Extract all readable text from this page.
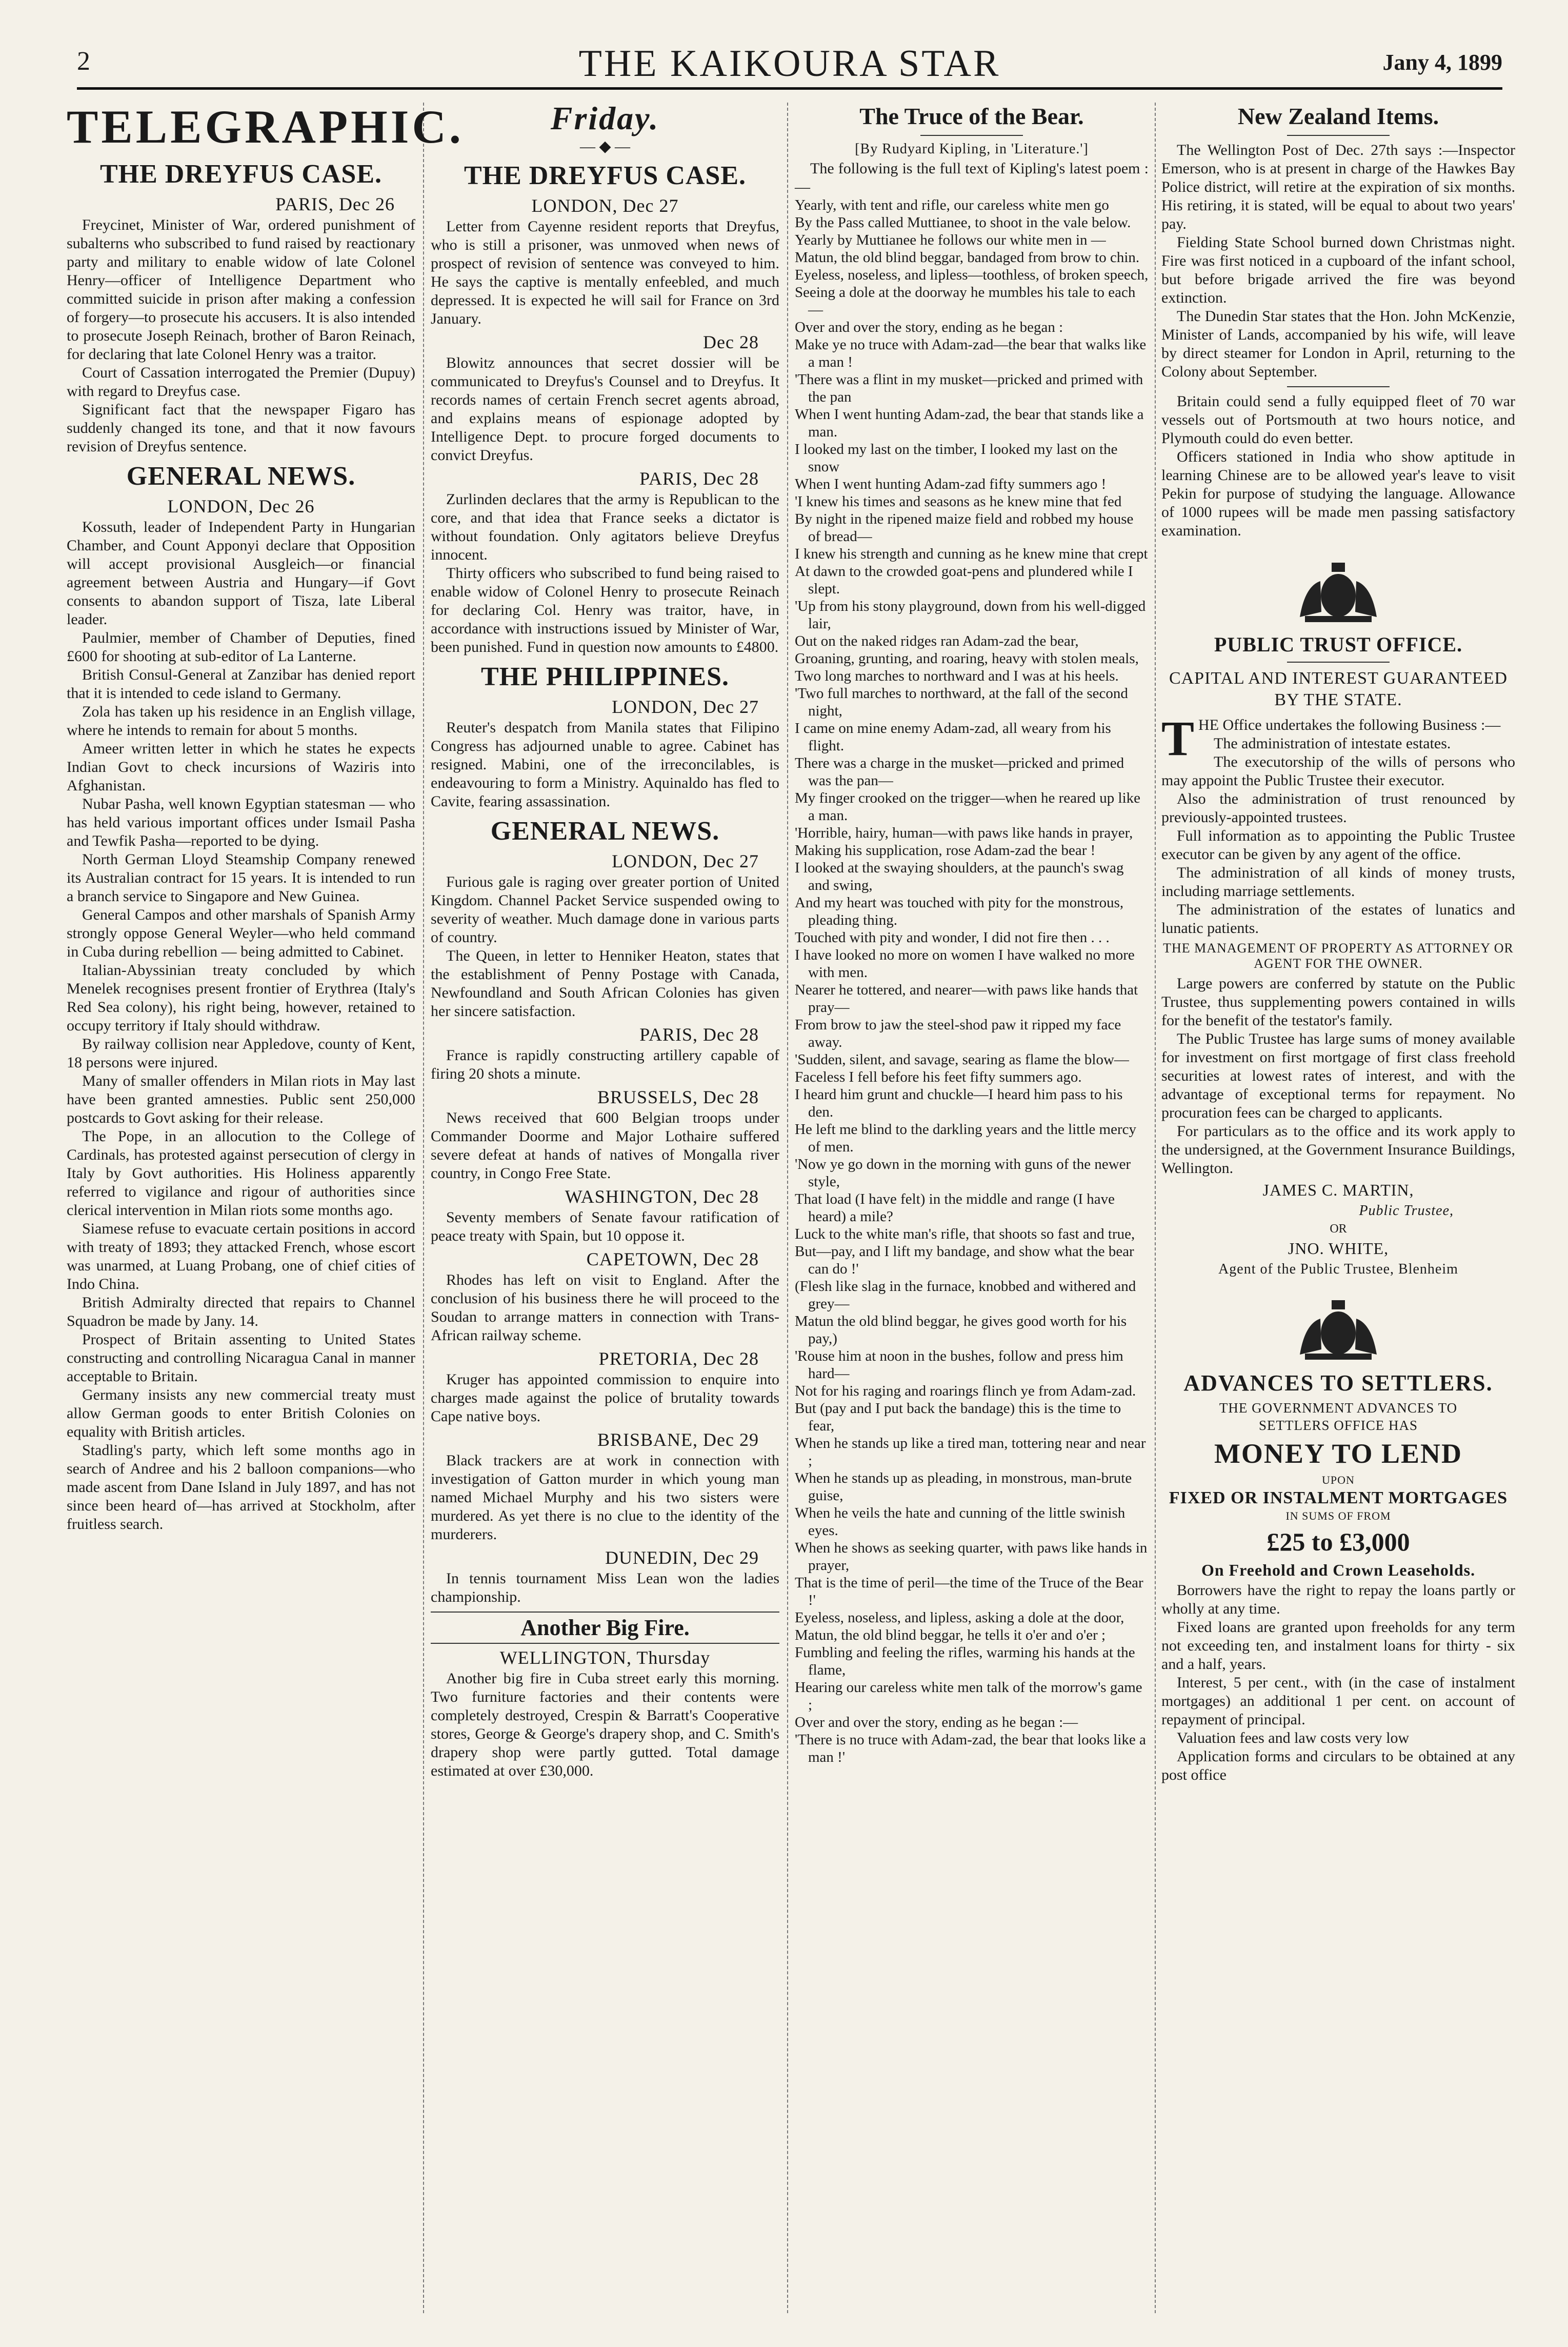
2	THE KAIKOURA STAR	Jany 4, 1899
TELEGRAPHIC.
THE DREYFUS CASE.
PARIS, Dec 26

Freycinet, Minister of War, ordered punishment of subalterns who subscribed to fund raised by reactionary party and military to enable widow of late Colonel Henry—officer of Intelligence Department who committed suicide in prison after making a confession of forgery—to prosecute his accusers. It is also intended to prosecute Joseph Reinach, brother of Baron Reinach, for declaring that late Colonel Henry was a traitor.

Court of Cassation interrogated the Premier (Dupuy) with regard to Dreyfus case.

Significant fact that the newspaper Figaro has suddenly changed its tone, and that it now favours revision of Dreyfus sentence.

GENERAL NEWS.
LONDON, Dec 26

Kossuth, leader of Independent Party in Hungarian Chamber, and Count Apponyi declare that Opposition will accept provisional Ausgleich—or financial agreement between Austria and Hungary—if Govt consents to abandon support of Tisza, late Liberal leader.

Paulmier, member of Chamber of Deputies, fined £600 for shooting at sub-editor of La Lanterne.

British Consul-General at Zanzibar has denied report that it is intended to cede island to Germany.

Zola has taken up his residence in an English village, where he intends to remain for about 5 months.

Ameer written letter in which he states he expects Indian Govt to check incursions of Waziris into Afghanistan.

Nubar Pasha, well known Egyptian statesman — who has held various important offices under Ismail Pasha and Tewfik Pasha—reported to be dying.

North German Lloyd Steamship Company renewed its Australian contract for 15 years. It is intended to run a branch service to Singapore and New Guinea.

General Campos and other marshals of Spanish Army strongly oppose General Weyler—who held command in Cuba during rebellion — being admitted to Cabinet.

Italian-Abyssinian treaty concluded by which Menelek recognises present frontier of Erythrea (Italy's Red Sea colony), his right being, however, retained to occupy territory if Italy should withdraw.

By railway collision near Appledove, county of Kent, 18 persons were injured.

Many of smaller offenders in Milan riots in May last have been granted amnesties. Public sent 250,000 postcards to Govt asking for their release.

The Pope, in an allocution to the College of Cardinals, has protested against persecution of clergy in Italy by Govt authorities. His Holiness apparently referred to vigilance and rigour of authorities since clerical intervention in Milan riots some months ago.

Siamese refuse to evacuate certain positions in accord with treaty of 1893; they attacked French, whose escort was unarmed, at Luang Probang, one of chief cities of Indo China.

British Admiralty directed that repairs to Channel Squadron be made by Jany. 14.

Prospect of Britain assenting to United States constructing and controlling Nicaragua Canal in manner acceptable to Britain.

Germany insists any new commercial treaty must allow German goods to enter British Colonies on equality with British articles.

Stadling's party, which left some months ago in search of Andree and his 2 balloon companions—who made ascent from Dane Island in July 1897, and has not since been heard of—has arrived at Stockholm, after fruitless search.

Friday.
— ◆ —
THE DREYFUS CASE.
LONDON, Dec 27

Letter from Cayenne resident reports that Dreyfus, who is still a prisoner, was unmoved when news of prospect of revision of sentence was conveyed to him. He says the captive is mentally enfeebled, and much depressed. It is expected he will sail for France on 3rd January.

Dec 28

Blowitz announces that secret dossier will be communicated to Dreyfus's Counsel and to Dreyfus. It records names of certain French secret agents abroad, and explains means of espionage adopted by Intelligence Dept. to procure forged documents to convict Dreyfus.

PARIS, Dec 28

Zurlinden declares that the army is Republican to the core, and that idea that France seeks a dictator is without foundation. Only agitators believe Dreyfus innocent.

Thirty officers who subscribed to fund being raised to enable widow of Colonel Henry to prosecute Reinach for declaring Col. Henry was traitor, have, in accordance with instructions issued by Minister of War, been punished. Fund in question now amounts to £4800.

THE PHILIPPINES.
LONDON, Dec 27

Reuter's despatch from Manila states that Filipino Congress has adjourned unable to agree. Cabinet has resigned. Mabini, one of the irreconcilables, is endeavouring to form a Ministry. Aquinaldo has fled to Cavite, fearing assassination.

GENERAL NEWS.
LONDON, Dec 27

Furious gale is raging over greater portion of United Kingdom. Channel Packet Service suspended owing to severity of weather. Much damage done in various parts of country.

The Queen, in letter to Henniker Heaton, states that the establishment of Penny Postage with Canada, Newfoundland and South African Colonies has given her sincere satisfaction.

PARIS, Dec 28

France is rapidly constructing artillery capable of firing 20 shots a minute.

BRUSSELS, Dec 28

News received that 600 Belgian troops under Commander Doorme and Major Lothaire suffered severe defeat at hands of natives of Mongalla river country, in Congo Free State.

WASHINGTON, Dec 28

Seventy members of Senate favour ratification of peace treaty with Spain, but 10 oppose it.

CAPETOWN, Dec 28

Rhodes has left on visit to England. After the conclusion of his business there he will proceed to the Soudan to arrange matters in connection with Trans-African railway scheme.

PRETORIA, Dec 28

Kruger has appointed commission to enquire into charges made against the police of brutality towards Cape native boys.

BRISBANE, Dec 29

Black trackers are at work in connection with investigation of Gatton murder in which young man named Michael Murphy and his two sisters were murdered. As yet there is no clue to the identity of the murderers.

DUNEDIN, Dec 29

In tennis tournament Miss Lean won the ladies championship.

Another Big Fire.
WELLINGTON, Thursday

Another big fire in Cuba street early this morning. Two furniture factories and their contents were completely destroyed, Crespin & Barratt's Cooperative stores, George & George's drapery shop, and C. Smith's drapery shop were partly gutted. Total damage estimated at over £30,000.

The Truce of the Bear.
[By Rudyard Kipling, in 'Literature.']

The following is the full text of Kipling's latest poem :—

Yearly, with tent and rifle, our careless white men go

By the Pass called Muttianee, to shoot in the vale below.

Yearly by Muttianee he follows our white men in —

Matun, the old blind beggar, bandaged from brow to chin.

Eyeless, noseless, and lipless—toothless, of broken speech,

Seeing a dole at the doorway he mumbles his tale to each—

Over and over the story, ending as he began :

Make ye no truce with Adam-zad—the bear that walks like a man !

'There was a flint in my musket—pricked and primed with the pan

When I went hunting Adam-zad, the bear that stands like a man.

I looked my last on the timber, I looked my last on the snow

When I went hunting Adam-zad fifty summers ago !

'I knew his times and seasons as he knew mine that fed

By night in the ripened maize field and robbed my house of bread—

I knew his strength and cunning as he knew mine that crept

At dawn to the crowded goat-pens and plundered while I slept.

'Up from his stony playground, down from his well-digged lair,

Out on the naked ridges ran Adam-zad the bear,

Groaning, grunting, and roaring, heavy with stolen meals,

Two long marches to northward and I was at his heels.

'Two full marches to northward, at the fall of the second night,

I came on mine enemy Adam-zad, all weary from his flight.

There was a charge in the musket—pricked and primed was the pan—

My finger crooked on the trigger—when he reared up like a man.

'Horrible, hairy, human—with paws like hands in prayer,

Making his supplication, rose Adam-zad the bear !

I looked at the swaying shoulders, at the paunch's swag and swing,

And my heart was touched with pity for the monstrous, pleading thing.

Touched with pity and wonder, I did not fire then . . .

I have looked no more on women I have walked no more with men.

Nearer he tottered, and nearer—with paws like hands that pray—

From brow to jaw the steel-shod paw it ripped my face away.

'Sudden, silent, and savage, searing as flame the blow—

Faceless I fell before his feet fifty summers ago.

I heard him grunt and chuckle—I heard him pass to his den.

He left me blind to the darkling years and the little mercy of men.

'Now ye go down in the morning with guns of the newer style,

That load (I have felt) in the middle and range (I have heard) a mile?

Luck to the white man's rifle, that shoots so fast and true,

But—pay, and I lift my bandage, and show what the bear can do !'

(Flesh like slag in the furnace, knobbed and withered and grey—

Matun the old blind beggar, he gives good worth for his pay,)

'Rouse him at noon in the bushes, follow and press him hard—

Not for his raging and roarings flinch ye from Adam-zad.

But (pay and I put back the bandage) this is the time to fear,

When he stands up like a tired man, tottering near and near ;

When he stands up as pleading, in monstrous, man-brute guise,

When he veils the hate and cunning of the little swinish eyes.

When he shows as seeking quarter, with paws like hands in prayer,

That is the time of peril—the time of the Truce of the Bear !'

Eyeless, noseless, and lipless, asking a dole at the door,

Matun, the old blind beggar, he tells it o'er and o'er ;

Fumbling and feeling the rifles, warming his hands at the flame,

Hearing our careless white men talk of the morrow's game ;

Over and over the story, ending as he began :—

'There is no truce with Adam-zad, the bear that looks like a man !'

New Zealand Items.

The Wellington Post of Dec. 27th says :—Inspector Emerson, who is at present in charge of the Hawkes Bay Police district, will retire at the expiration of six months. His retiring, it is stated, will be equal to about two years' pay.

Fielding State School burned down Christmas night. Fire was first noticed in a cupboard of the infant school, but before brigade arrived the fire was beyond extinction.

The Dunedin Star states that the Hon. John McKenzie, Minister of Lands, accompanied by his wife, will leave by direct steamer for London in April, returning to the Colony about September.

Britain could send a fully equipped fleet of 70 war vessels out of Portsmouth at two hours notice, and Plymouth could do even better.

Officers stationed in India who show aptitude in learning Chinese are to be allowed year's leave to visit Pekin for purpose of studying the language. Allowance of 1000 rupees will be made men passing satisfactory examination.

PUBLIC TRUST OFFICE.
CAPITAL AND INTEREST GUARANTEED BY THE STATE.

THE Office undertakes the following Business :—

The administration of intestate estates.

The executorship of the wills of persons who may appoint the Public Trustee their executor.

Also the administration of trust renounced by previously-appointed trustees.

Full information as to appointing the Public Trustee executor can be given by any agent of the office.

The administration of all kinds of money trusts, including marriage settlements.

The administration of the estates of lunatics and lunatic patients.

THE MANAGEMENT OF PROPERTY AS ATTORNEY OR AGENT FOR THE OWNER.

Large powers are conferred by statute on the Public Trustee, thus supplementing powers contained in wills for the benefit of the testator's family.

The Public Trustee has large sums of money available for investment on first mortgage of first class freehold securities at lowest rates of interest, and with the advantage of exceptional terms for repayment. No procuration fees can be charged to applicants.

For particulars as to the office and its work apply to the undersigned, at the Government Insurance Buildings, Wellington.

JAMES C. MARTIN,
Public Trustee,
OR
JNO. WHITE,
Agent of the Public Trustee, Blenheim
ADVANCES TO SETTLERS.
THE GOVERNMENT ADVANCES TO
SETTLERS OFFICE HAS
MONEY TO LEND
UPON
FIXED OR INSTALMENT MORTGAGES
IN SUMS OF FROM
£25 to £3,000
On Freehold and Crown Leaseholds.

Borrowers have the right to repay the loans partly or wholly at any time.

Fixed loans are granted upon freeholds for any term not exceeding ten, and instalment loans for thirty - six and a half, years.

Interest, 5 per cent., with (in the case of instalment mortgages) an additional 1 per cent. on account of repayment of principal.

Valuation fees and law costs very low

Application forms and circulars to be obtained at any post office
